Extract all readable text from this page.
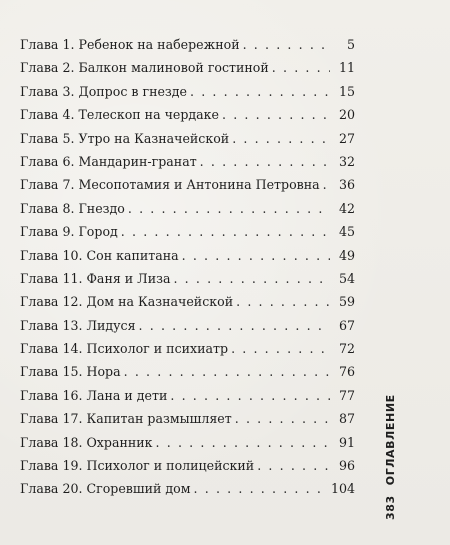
Глава 1. Ребенок на набережной . . .	5
Глава 2. Балкон малиновой гостиной . . .	11
Глава 3. Допрос в гнезде . . .	15
Глава 4. Телескоп на чердаке . . .	20
Глава 5. Утро на Казначейской . . .	27
Глава 6. Мандарин-гранат . . .	32
Глава 7. Месопотамия и Антонина Петровна . . .	36
Глава 8. Гнездо . . .	42
Глава 9. Город . . .	45
Глава 10. Сон капитана . . .	49
Глава 11. Фаня и Лиза . . .	54
Глава 12. Дом на Казначейской . . .	59
Глава 13. Лидуся . . .	67
Глава 14. Психолог и психиатр . . .	72
Глава 15. Нора . . .	76
Глава 16. Лана и дети . . .	77
Глава 17. Капитан размышляет . . .	87
Глава 18. Охранник . . .	91
Глава 19. Психолог и полицейский . . .	96
Глава 20. Сгоревший дом . . .	104
383ОГЛАВЛЕНИЕ
